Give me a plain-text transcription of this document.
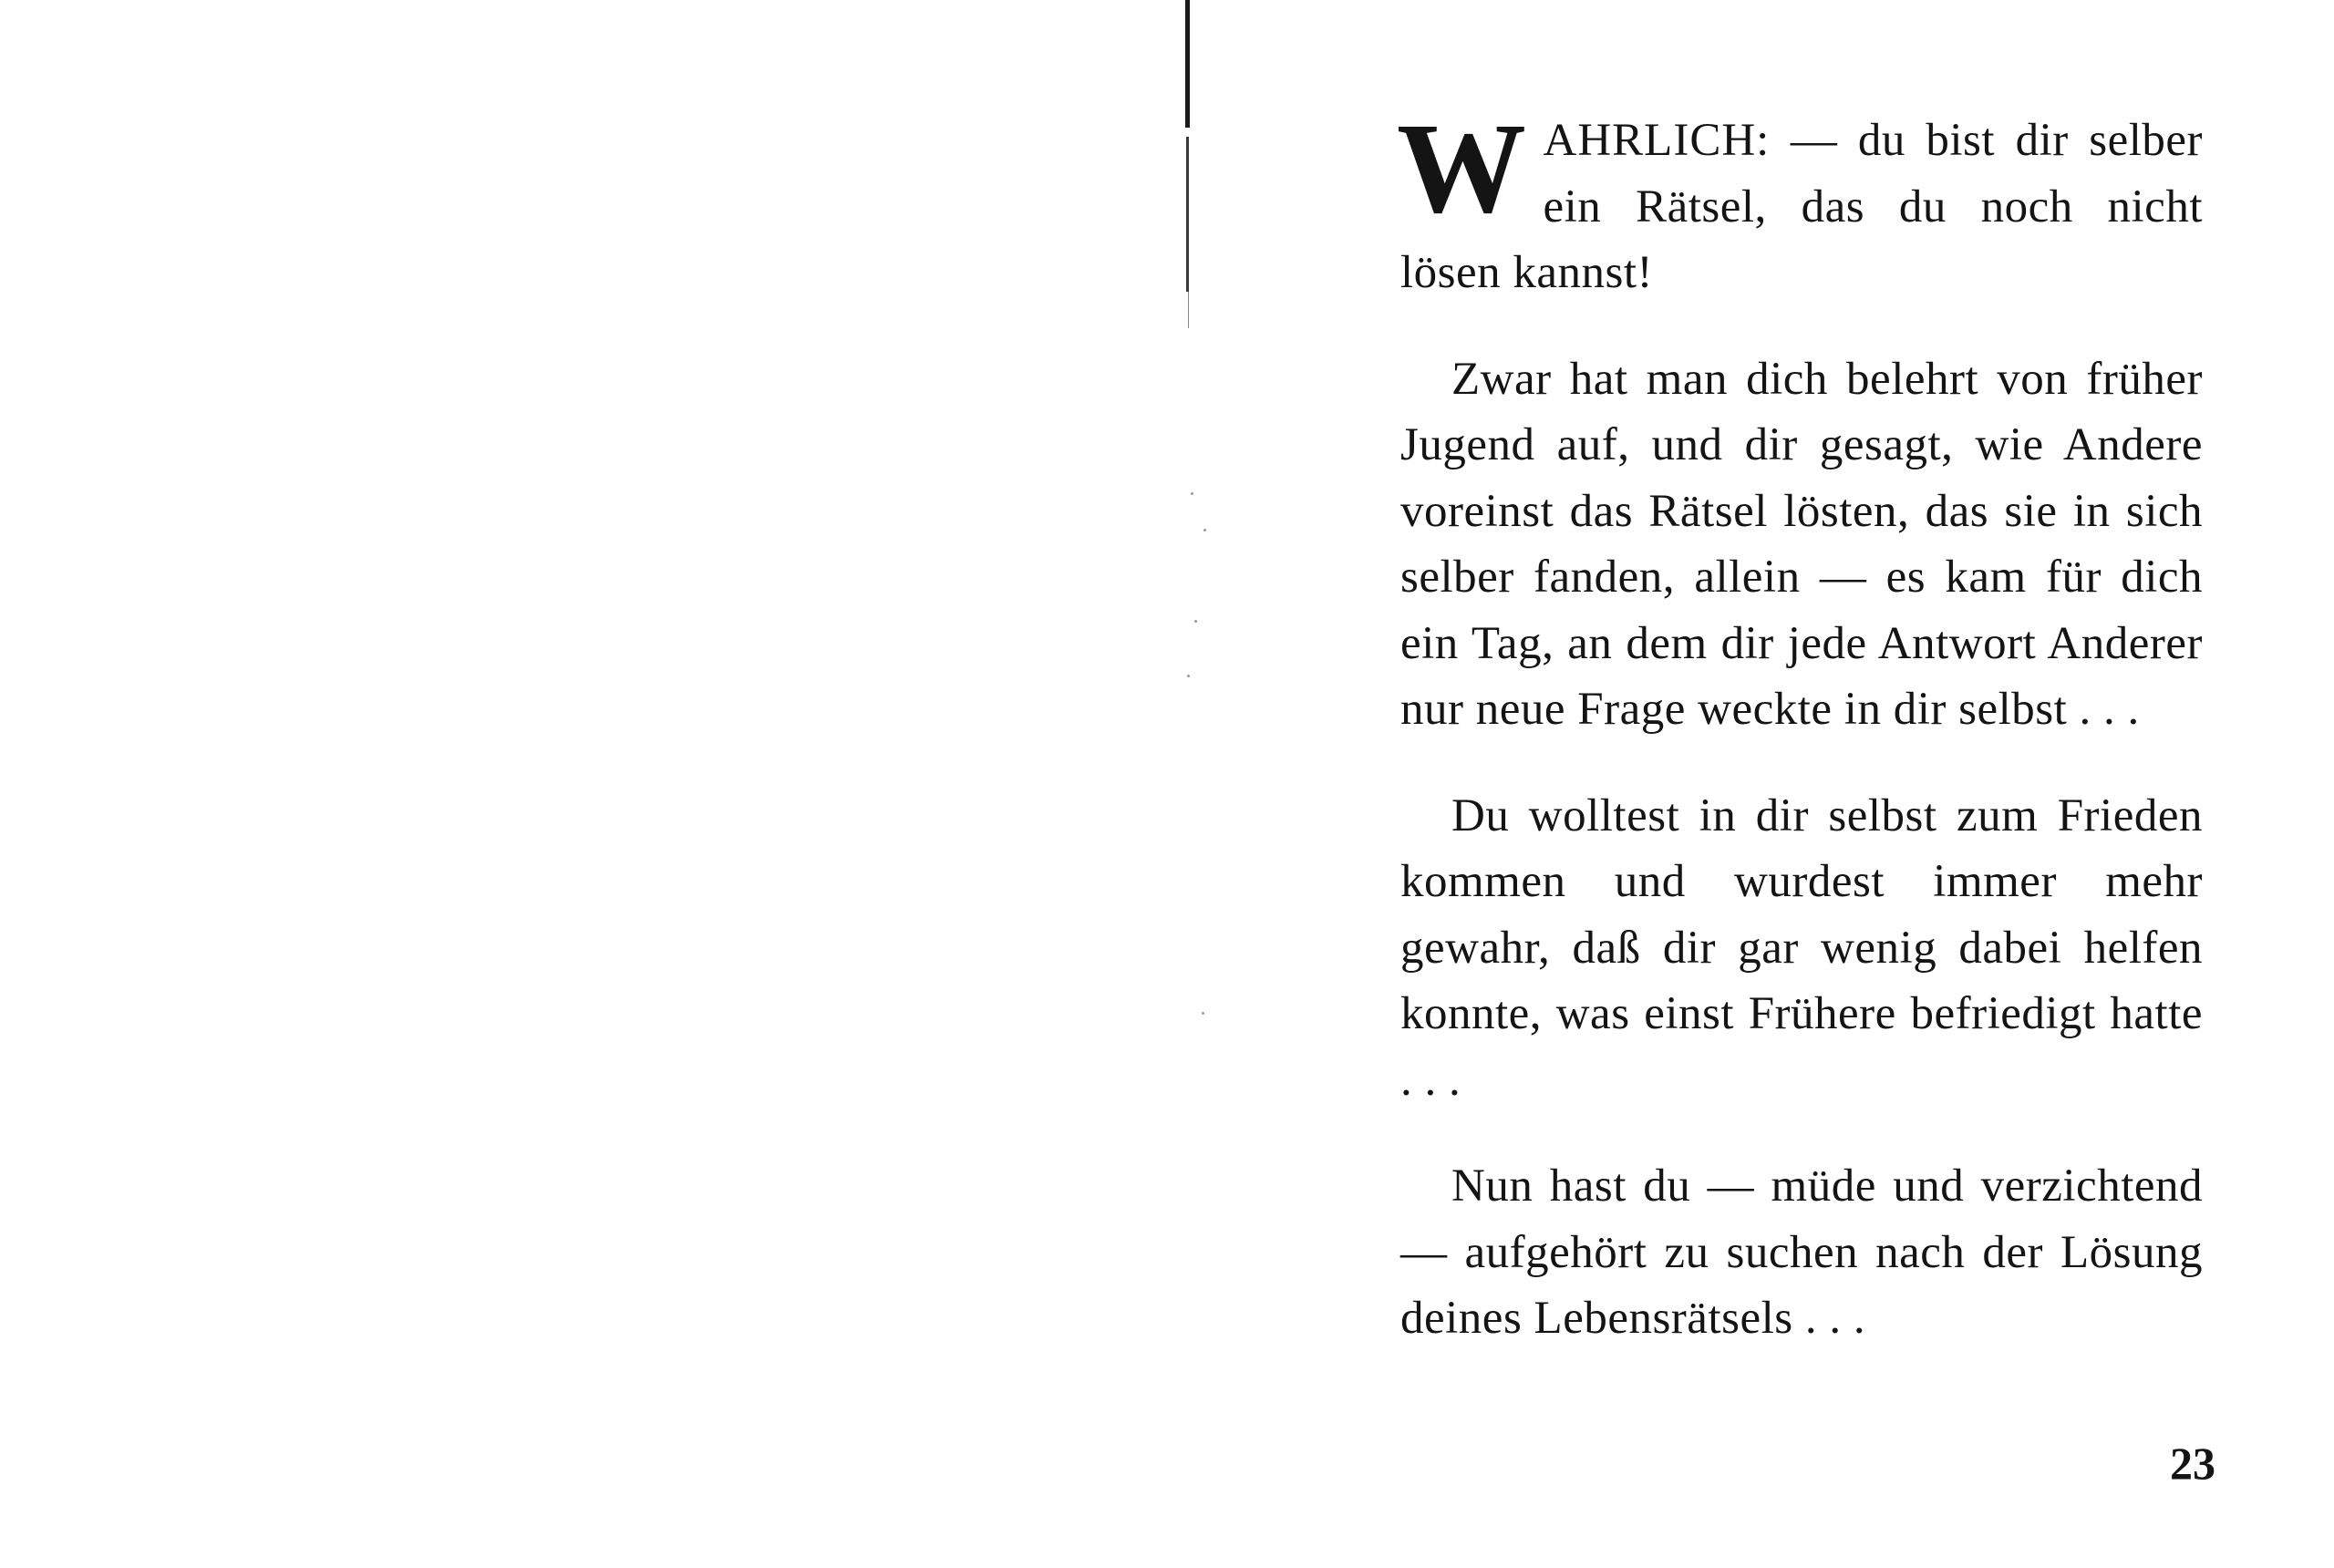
WAHRLICH: — du bist dir selber ein Rätsel, das du noch nicht lösen kannst!

Zwar hat man dich belehrt von früher Jugend auf, und dir gesagt, wie Andere voreinst das Rätsel lösten, das sie in sich selber fanden, allein — es kam für dich ein Tag, an dem dir jede Antwort Anderer nur neue Frage weckte in dir selbst . . .

Du wolltest in dir selbst zum Frieden kommen und wurdest immer mehr gewahr, daß dir gar wenig dabei helfen konnte, was einst Frühere befriedigt hatte . . .

Nun hast du — müde und verzichtend — aufgehört zu suchen nach der Lösung deines Lebensrätsels . . .

23
